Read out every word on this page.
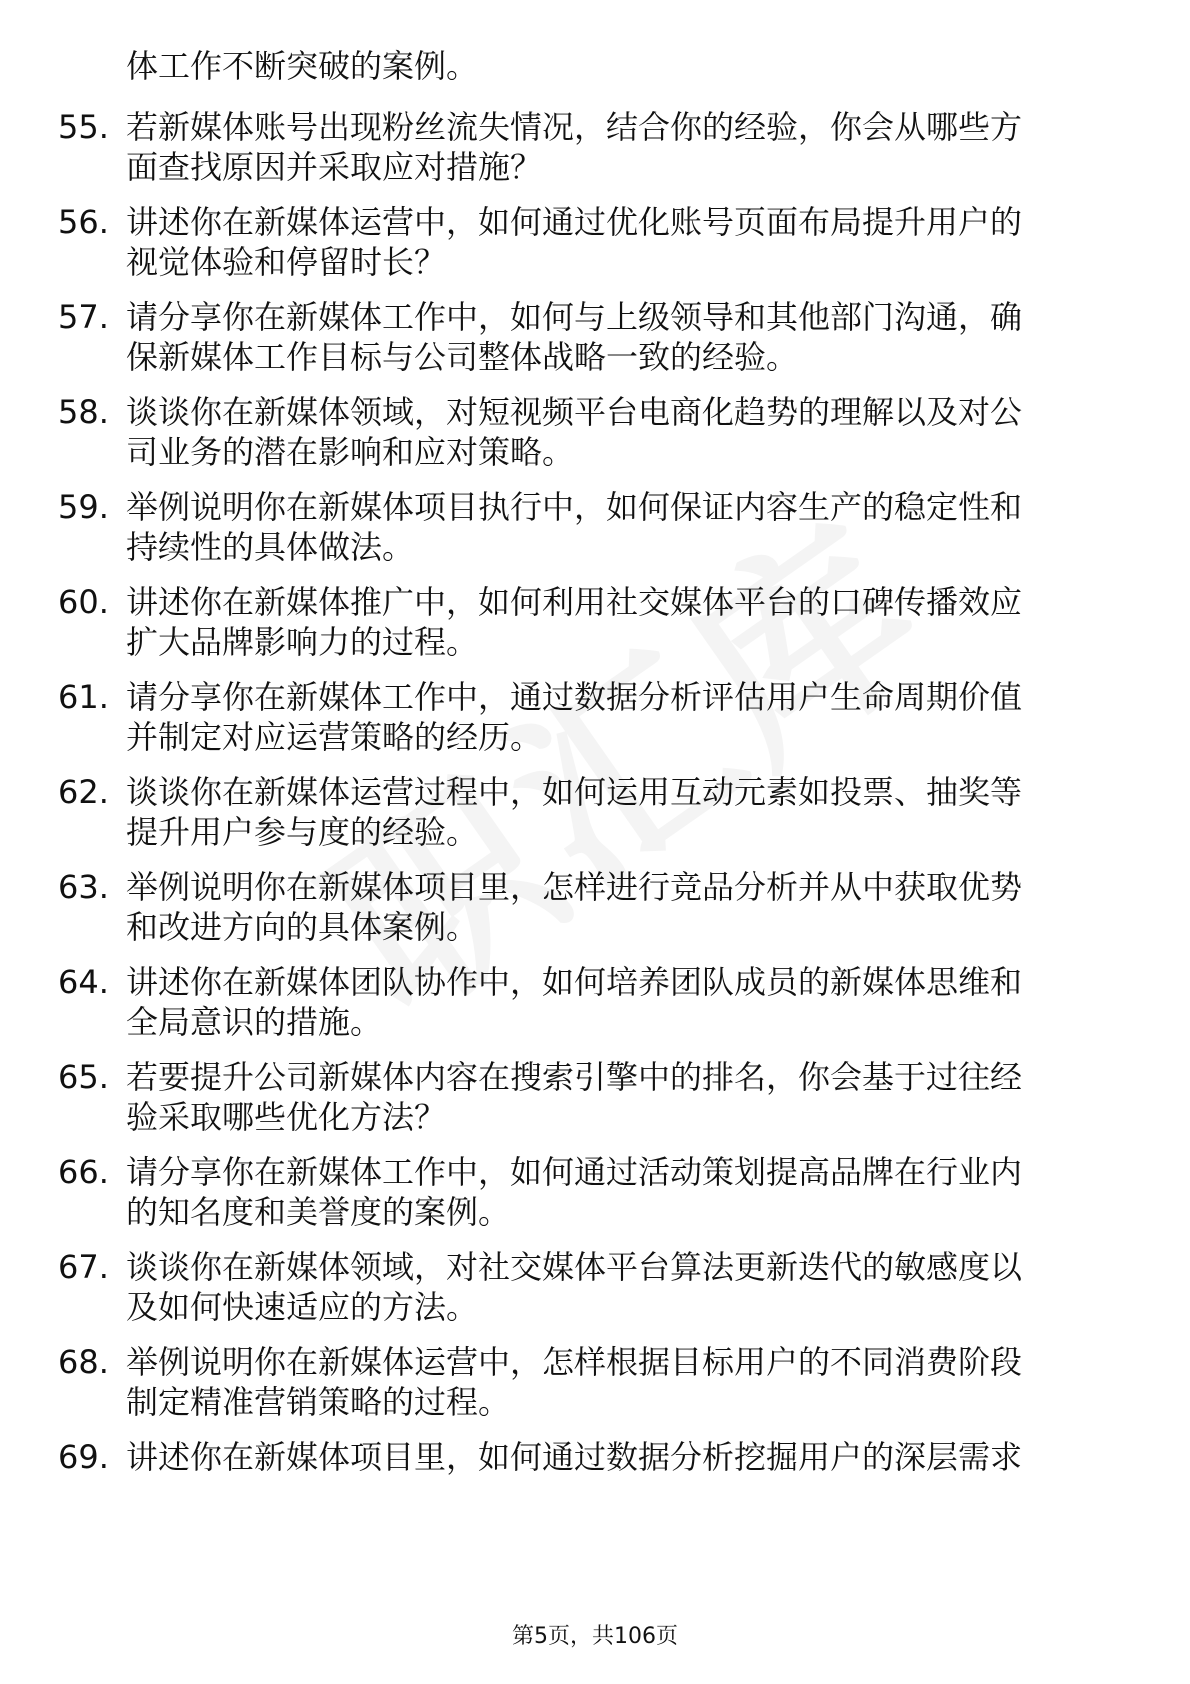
体工作不断突破的案例。
55. 若新媒体账号出现粉丝流失情况，结合你的经验，你会从哪些方
面查找原因并采取应对措施？
56. 讲述你在新媒体运营中，如何通过优化账号页面布局提升用户的
视觉体验和停留时长？
57. 请分享你在新媒体工作中，如何与上级领导和其他部门沟通，确
保新媒体工作目标与公司整体战略一致的经验。
58. 谈谈你在新媒体领域，对短视频平台电商化趋势的理解以及对公
司业务的潜在影响和应对策略。
59. 举例说明你在新媒体项目执行中，如何保证内容生产的稳定性和
持续性的具体做法。
60. 讲述你在新媒体推广中，如何利用社交媒体平台的口碑传播效应
扩大品牌影响力的过程。
61. 请分享你在新媒体工作中，通过数据分析评估用户生命周期价值
并制定对应运营策略的经历。
62. 谈谈你在新媒体运营过程中，如何运用互动元素如投票、抽奖等
提升用户参与度的经验。
63. 举例说明你在新媒体项目里，怎样进行竞品分析并从中获取优势
和改进方向的具体案例。
64. 讲述你在新媒体团队协作中，如何培养团队成员的新媒体思维和
全局意识的措施。
65. 若要提升公司新媒体内容在搜索引擎中的排名，你会基于过往经
验采取哪些优化方法？
66. 请分享你在新媒体工作中，如何通过活动策划提高品牌在行业内
的知名度和美誉度的案例。
67. 谈谈你在新媒体领域，对社交媒体平台算法更新迭代的敏感度以
及如何快速适应的方法。
68. 举例说明你在新媒体运营中，怎样根据目标用户的不同消费阶段
制定精准营销策略的过程。
69. 讲述你在新媒体项目里，如何通过数据分析挖掘用户的深层需求
第5页，共106页
